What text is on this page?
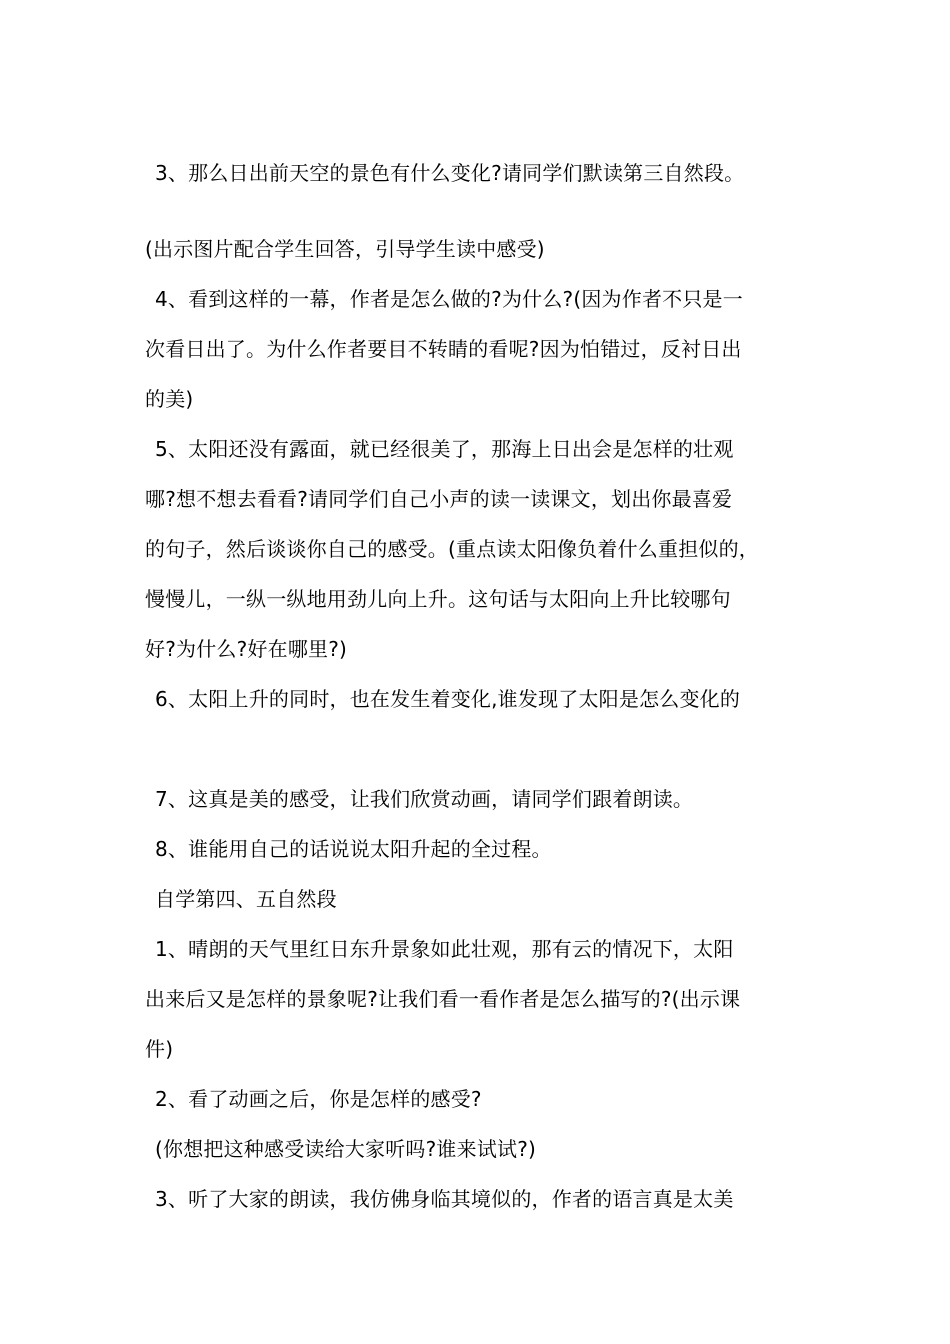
3、那么日出前天空的景色有什么变化?请同学们默读第三自然段。
(出示图片配合学生回答，引导学生读中感受)
4、看到这样的一幕，作者是怎么做的?为什么?(因为作者不只是一
次看日出了。为什么作者要目不转睛的看呢?因为怕错过，反衬日出
的美)
5、太阳还没有露面，就已经很美了，那海上日出会是怎样的壮观
哪?想不想去看看?请同学们自己小声的读一读课文，划出你最喜爱
的句子，然后谈谈你自己的感受。(重点读太阳像负着什么重担似的，
慢慢儿，一纵一纵地用劲儿向上升。这句话与太阳向上升比较哪句
好?为什么?好在哪里?)
6、太阳上升的同时，也在发生着变化,谁发现了太阳是怎么变化的
7、这真是美的感受，让我们欣赏动画，请同学们跟着朗读。
8、谁能用自己的话说说太阳升起的全过程。
自学第四、五自然段
1、晴朗的天气里红日东升景象如此壮观，那有云的情况下，太阳
出来后又是怎样的景象呢?让我们看一看作者是怎么描写的?(出示课
件)
2、看了动画之后，你是怎样的感受?
(你想把这种感受读给大家听吗?谁来试试?)
3、听了大家的朗读，我仿佛身临其境似的，作者的语言真是太美
